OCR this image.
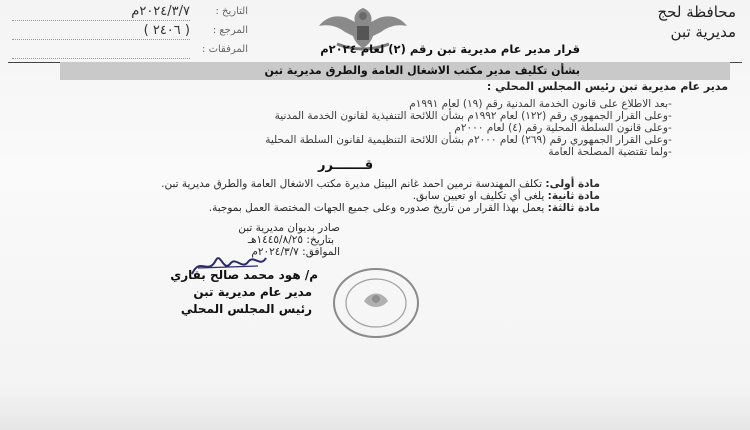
التاريخ :
٢٠٢٤/٣/٧م
المرجع :
( ٢٤٠٦ )
المرفقات :
محافظة لحج
مديرية تبن
قرار مدير عام مديرية تبن رقم (٢) لعام ٢٠٢٤م
بشأن تكليف مدير مكتب الاشغال العامة والطرق مديرية تبن
مدير عام مديرية تبن رئيس المجلس المحلي :
-بعد الاطلاع على قانون الخدمة المدنية رقم (١٩) لعام ١٩٩١م
-وعلى القرار الجمهوري رقم (١٢٢) لعام ١٩٩٢م بشأن اللائحة التنفيذية لقانون الخدمة المدنية
-وعلى قانون السلطة المحلية رقم (٤) لعام ٢٠٠٠م
-وعلى القرار الجمهوري رقم (٢٦٩) لعام ٢٠٠٠م بشأن اللائحة التنظيمية لقانون السلطة المحلية
-ولما تقتضية المصلحة العامة
قـــــــرر
مادة أولى: تكلف المهندسة نرمين احمد غانم البيتل مديرة مكتب الاشغال العامة والطرق مديرية تبن.
مادة ثانية: يلغى أي تكليف او تعيين سابق.
مادة ثالثة: يعمل بهذا القرار من تاريخ صدوره وعلى جميع الجهات المختصة العمل بموجبة.
صادر بديوان مديرية تبن
بتاريخ: ١٤٤٥/٨/٢٥هـ
الموافق: ٢٠٢٤/٣/٧م
م/ هود محمد صالح بقاري
مدير عام مديرية تبن
رئيس المجلس المحلي
